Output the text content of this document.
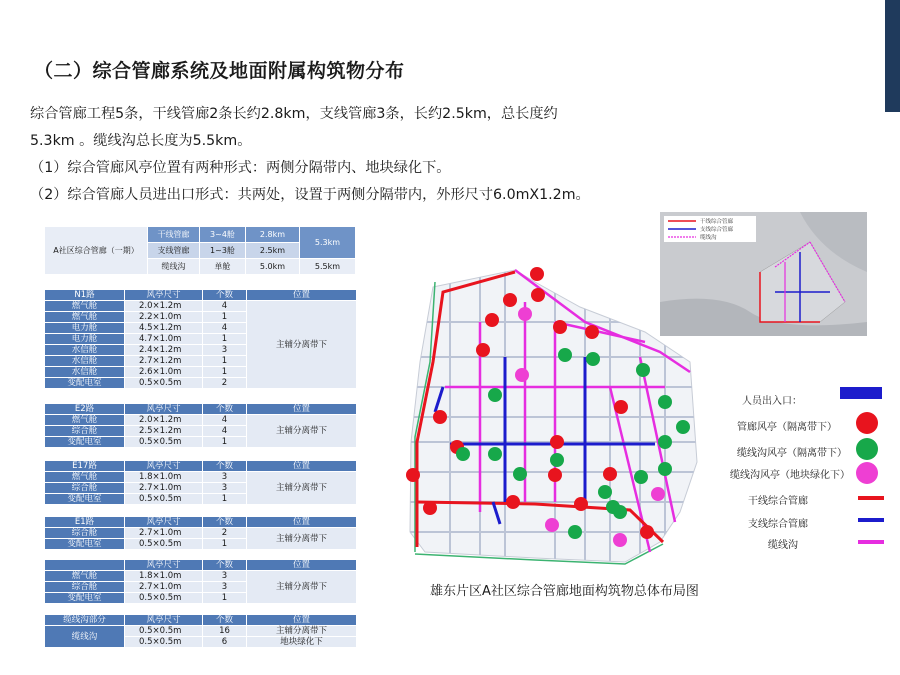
（二）综合管廊系统及地面附属构筑物分布
综合管廊工程5条，干线管廊2条长约2.8km，支线管廊3条，长约2.5km，总长度约
5.3km 。缆线沟总长度为5.5km。
（1）综合管廊风亭位置有两种形式：两侧分隔带内、地块绿化下。
（2）综合管廊人员进出口形式：共两处，设置于两侧分隔带内，外形尺寸6.0mX1.2m。
A社区综合管廊（一期）	干线管廊	3~4舱	2.8km	5.3km
	支线管廊	1~3舱	2.5km	
	缆线沟	单舱	5.0km	5.5km
N1路	风亭尺寸	个数	位置
燃气舱	2.0×1.2m	4	主辅分离带下
燃气舱	2.2×1.0m	1	
电力舱	4.5×1.2m	4	
电力舱	4.7×1.0m	1	
水信舱	2.4×1.2m	3	
水信舱	2.7×1.2m	1	
水信舱	2.6×1.0m	1	
变配电室	0.5×0.5m	2	
E2路	风亭尺寸	个数	位置
燃气舱	2.0×1.2m	4	主辅分离带下
综合舱	2.5×1.2m	4	
变配电室	0.5×0.5m	1	
E17路	风亭尺寸	个数	位置
燃气舱	1.8×1.0m	3	主辅分离带下
综合舱	2.7×1.0m	3	
变配电室	0.5×0.5m	1	
E1路	风亭尺寸	个数	位置
综合舱	2.7×1.0m	2	主辅分离带下
变配电室	0.5×0.5m	1	
	风亭尺寸	个数	位置
燃气舱	1.8×1.0m	3	主辅分离带下
综合舱	2.7×1.0m	3	
变配电室	0.5×0.5m	1	
缆线沟部分	风亭尺寸	个数	位置
缆线沟	0.5×0.5m	16	主辅分离带下
	0.5×0.5m	6	地块绿化下
雄东片区A社区综合管廊地面构筑物总体布局图
干线综合管廊
支线综合管廊
缆线沟
人员出入口：
管廊风亭（隔离带下）
缆线沟风亭（隔离带下）
缆线沟风亭（地块绿化下）
干线综合管廊
支线综合管廊
缆线沟
